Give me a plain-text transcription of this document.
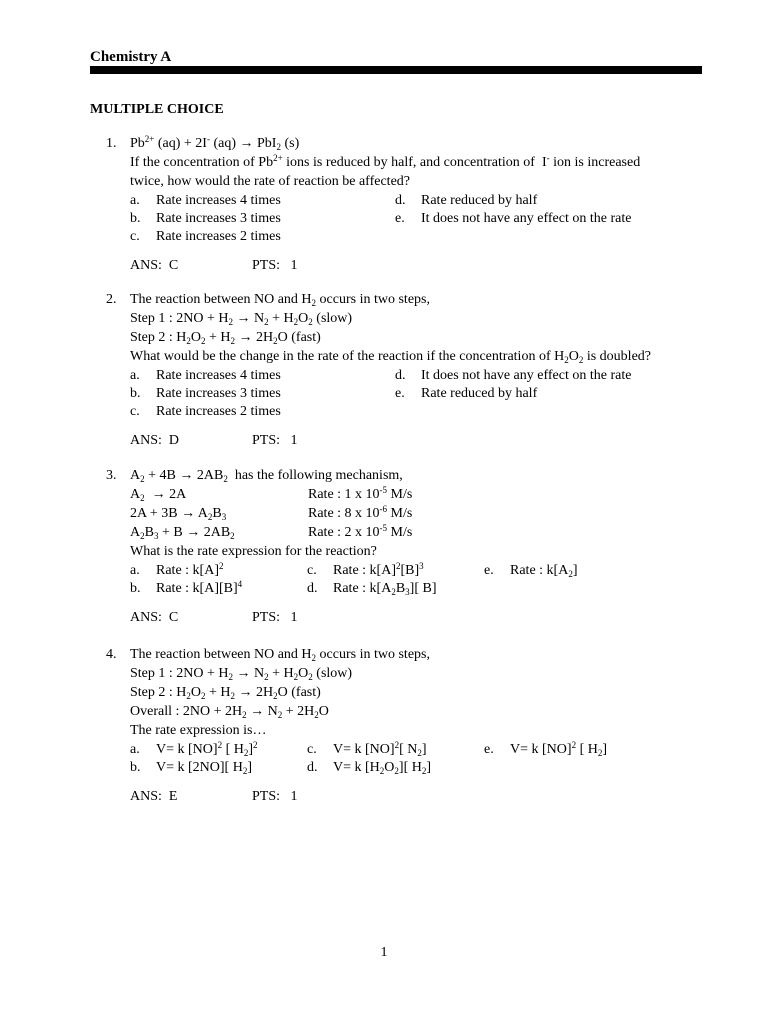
Chemistry A
MULTIPLE CHOICE
1. $Pb^{2+}$ (aq) + 2I- (aq) → PbI$_2$ (s)
If the concentration of $Pb^{2+}$ ions is reduced by half, and concentration of  I- ion is increased
twice, how would the rate of reaction be affected?
a. Rate increases 4 times
b. Rate increases 3 times
c. Rate increases 2 times
d. Rate reduced by half
e. It does not have any effect on the rate
ANS:  C	PTS:   1
2. The reaction between NO and $H_2$ occurs in two steps,
Step 1 : $2NO + H_2 \to N_2 + H_2O_2$ (slow)
Step 2 : $H_2O_2 + H_2 \to 2H_2O$ (fast)
What would be the change in the rate of the reaction if the concentration of $H_2O_2$ is doubled?
a. Rate increases 4 times
b. Rate increases 3 times
c. Rate increases 2 times
d. It does not have any effect on the rate
e. Rate reduced by half
ANS:  D	PTS:   1
3. $A_2 + 4B \to 2AB_2$  has the following mechanism,
$A_2 \to 2A$	Rate : 1 x $10^{-5}$ M/s
$2A + 3B \to A_2B_3$	Rate : 8 x $10^{-6}$ M/s
$A_2B_3 + B \to 2AB_2$	Rate : 2 x $10^{-5}$ M/s
What is the rate expression for the reaction?
a. Rate : $k[A]^2$
b. Rate : $k[A][B]^4$
c. Rate : $k[A]^2[B]^3$
d. Rate : $k[A_2B_3]$[ B]
e. Rate : $k[A_2]$
ANS:  C	PTS:   1
4. The reaction between NO and $H_2$ occurs in two steps,
Step 1 : $2NO + H_2 \to N_2 + H_2O_2$ (slow)
Step 2 : $H_2O_2 + H_2 \to 2H_2O$ (fast)
Overall : $2NO + 2H_2 \to N_2 + 2H_2O$
The rate expression is…
a. V= k [NO]$^2$ [ $H_2]^2$
b. V= k [2NO][ $H_2$]
c. V= k [NO]$^2$[ $N_2$]
d. V= k $[H_2O_2]$[ $H_2$]
e. V= k [NO]$^2$ [ $H_2$]
ANS:  E	PTS:   1
1
